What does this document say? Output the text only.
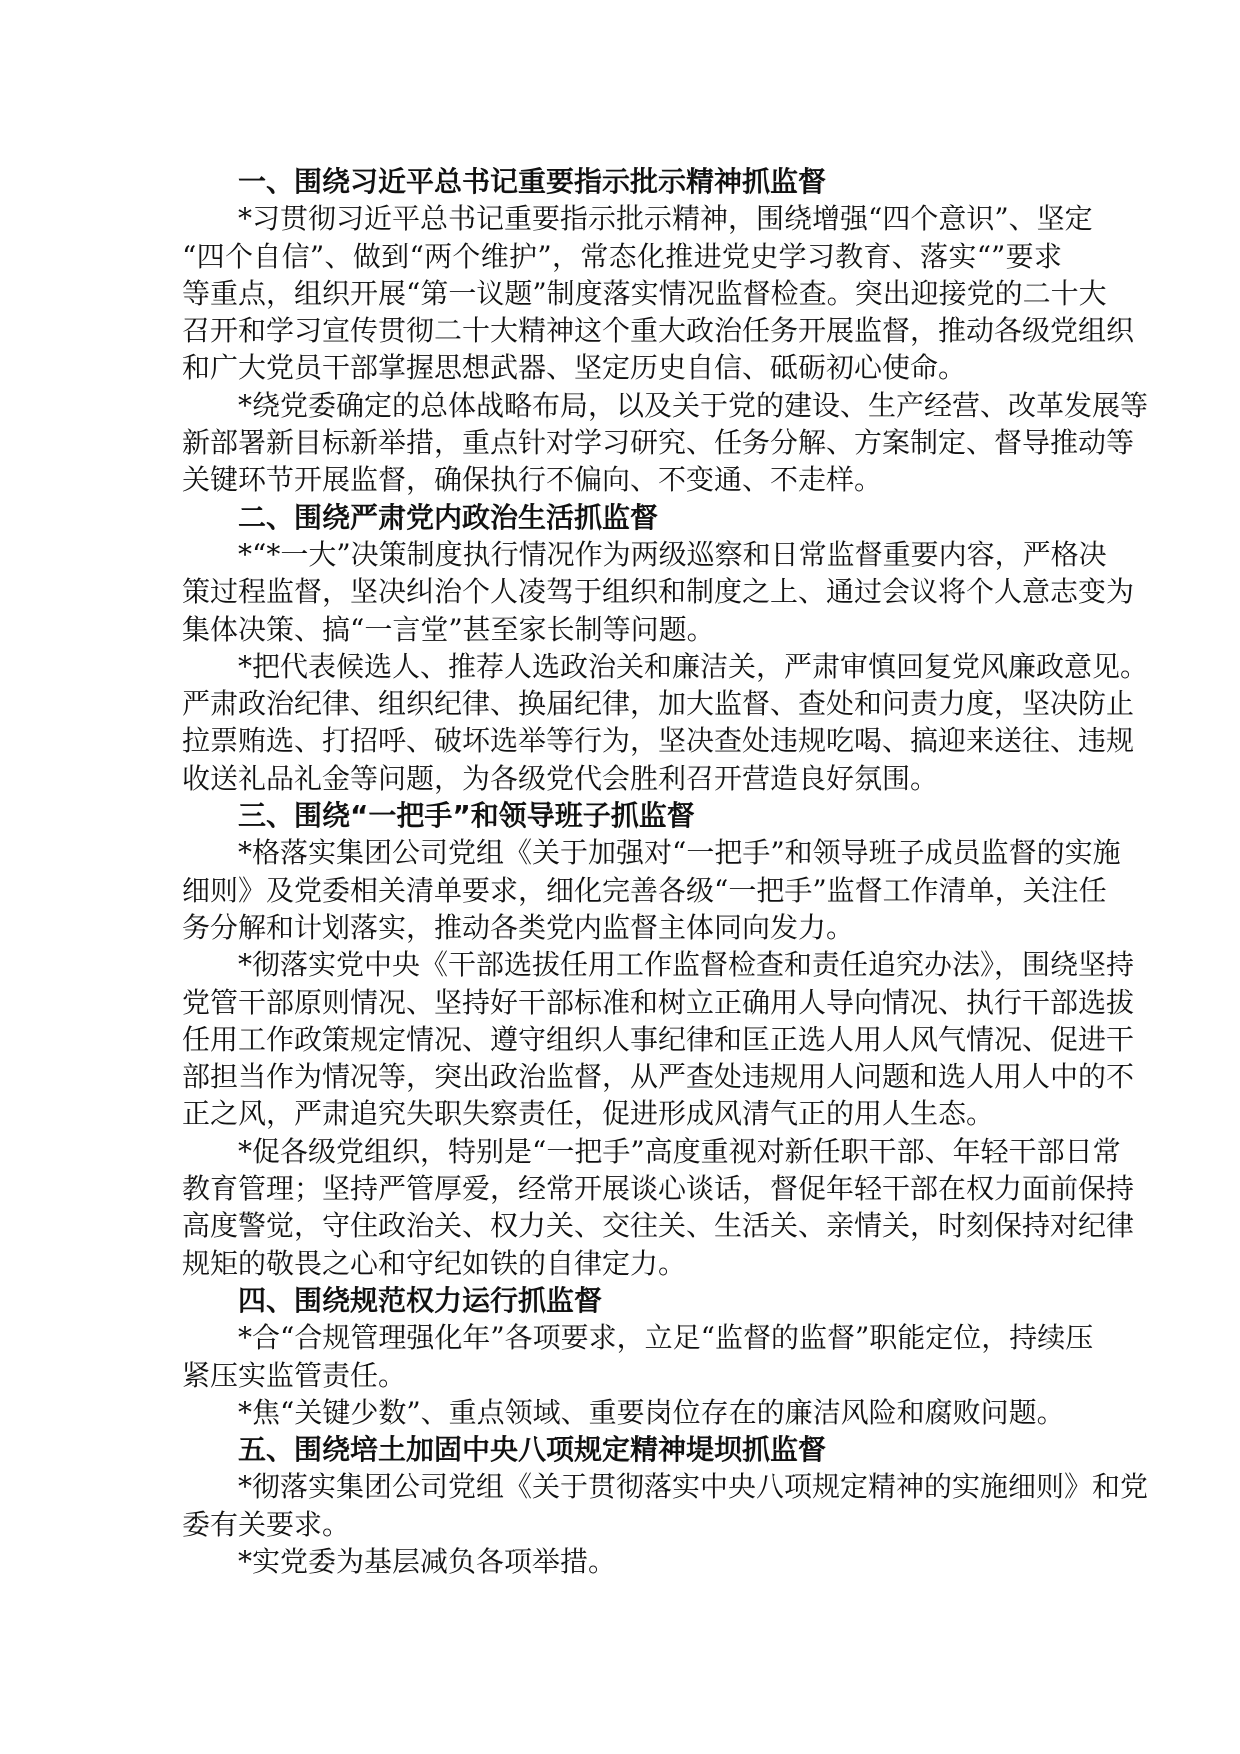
一、围绕习近平总书记重要指示批示精神抓监督
*习贯彻习近平总书记重要指示批示精神，围绕增强“四个意识”、坚定
“四个自信”、做到“两个维护”，常态化推进党史学习教育、落实“”要求
等重点，组织开展“第一议题”制度落实情况监督检查。突出迎接党的二十大
召开和学习宣传贯彻二十大精神这个重大政治任务开展监督，推动各级党组织
和广大党员干部掌握思想武器、坚定历史自信、砥砺初心使命。
*绕党委确定的总体战略布局，以及关于党的建设、生产经营、改革发展等
新部署新目标新举措，重点针对学习研究、任务分解、方案制定、督导推动等
关键环节开展监督，确保执行不偏向、不变通、不走样。
二、围绕严肃党内政治生活抓监督
*“*一大”决策制度执行情况作为两级巡察和日常监督重要内容，严格决
策过程监督，坚决纠治个人凌驾于组织和制度之上、通过会议将个人意志变为
集体决策、搞“一言堂”甚至家长制等问题。
*把代表候选人、推荐人选政治关和廉洁关，严肃审慎回复党风廉政意见。
严肃政治纪律、组织纪律、换届纪律，加大监督、查处和问责力度，坚决防止
拉票贿选、打招呼、破坏选举等行为，坚决查处违规吃喝、搞迎来送往、违规
收送礼品礼金等问题，为各级党代会胜利召开营造良好氛围。
三、围绕“一把手”和领导班子抓监督
*格落实集团公司党组《关于加强对“一把手”和领导班子成员监督的实施
细则》及党委相关清单要求，细化完善各级“一把手”监督工作清单，关注任
务分解和计划落实，推动各类党内监督主体同向发力。
*彻落实党中央《干部选拔任用工作监督检查和责任追究办法》，围绕坚持
党管干部原则情况、坚持好干部标准和树立正确用人导向情况、执行干部选拔
任用工作政策规定情况、遵守组织人事纪律和匡正选人用人风气情况、促进干
部担当作为情况等，突出政治监督，从严查处违规用人问题和选人用人中的不
正之风，严肃追究失职失察责任，促进形成风清气正的用人生态。
*促各级党组织，特别是“一把手”高度重视对新任职干部、年轻干部日常
教育管理；坚持严管厚爱，经常开展谈心谈话，督促年轻干部在权力面前保持
高度警觉，守住政治关、权力关、交往关、生活关、亲情关，时刻保持对纪律
规矩的敬畏之心和守纪如铁的自律定力。
四、围绕规范权力运行抓监督
*合“合规管理强化年”各项要求，立足“监督的监督”职能定位，持续压
紧压实监管责任。
*焦“关键少数”、重点领域、重要岗位存在的廉洁风险和腐败问题。
五、围绕培土加固中央八项规定精神堤坝抓监督
*彻落实集团公司党组《关于贯彻落实中央八项规定精神的实施细则》和党
委有关要求。
*实党委为基层减负各项举措。
